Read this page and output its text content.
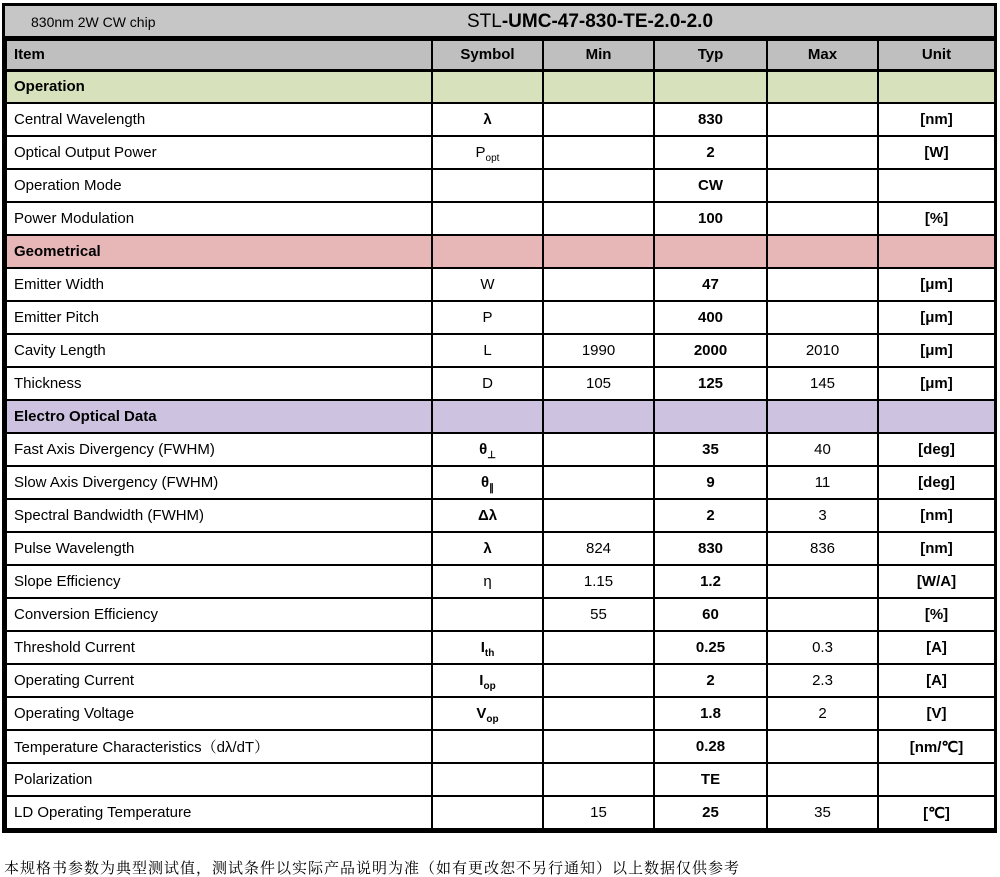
830nm 2W CW chip	STL-UMC-47-830-TE-2.0-2.0
Item	Symbol	Min	Typ	Max	Unit
Operation					
Central Wavelength	λ		830		[nm]
Optical Output Power	$P_{opt}$		2		[W]
Operation Mode			CW		
Power Modulation			100		[%]
Geometrical					
Emitter Width	W		47		[μm]
Emitter Pitch	P		400		[μm]
Cavity Length	L	1990	2000	2010	[μm]
Thickness	D	105	125	145	[μm]
Electro Optical Data					
Fast Axis Divergency (FWHM)	$\theta_\perp$		35	40	[deg]
Slow Axis Divergency (FWHM)	$\theta_\parallel$		9	11	[deg]
Spectral Bandwidth (FWHM)	Δλ		2	3	[nm]
Pulse Wavelength	λ	824	830	836	[nm]
Slope Efficiency	η	1.15	1.2		[W/A]
Conversion Efficiency		55	60		[%]
Threshold Current	$I_{th}$		0.25	0.3	[A]
Operating Current	$I_{op}$		2	2.3	[A]
Operating Voltage	$V_{op}$		1.8	2	[V]
Temperature Characteristics（dλ/dT）			0.28		[nm/℃]
Polarization			TE		
LD Operating Temperature		15	25	35	[℃]
本规格书参数为典型测试值，测试条件以实际产品说明为准（如有更改恕不另行通知）以上数据仅供参考
